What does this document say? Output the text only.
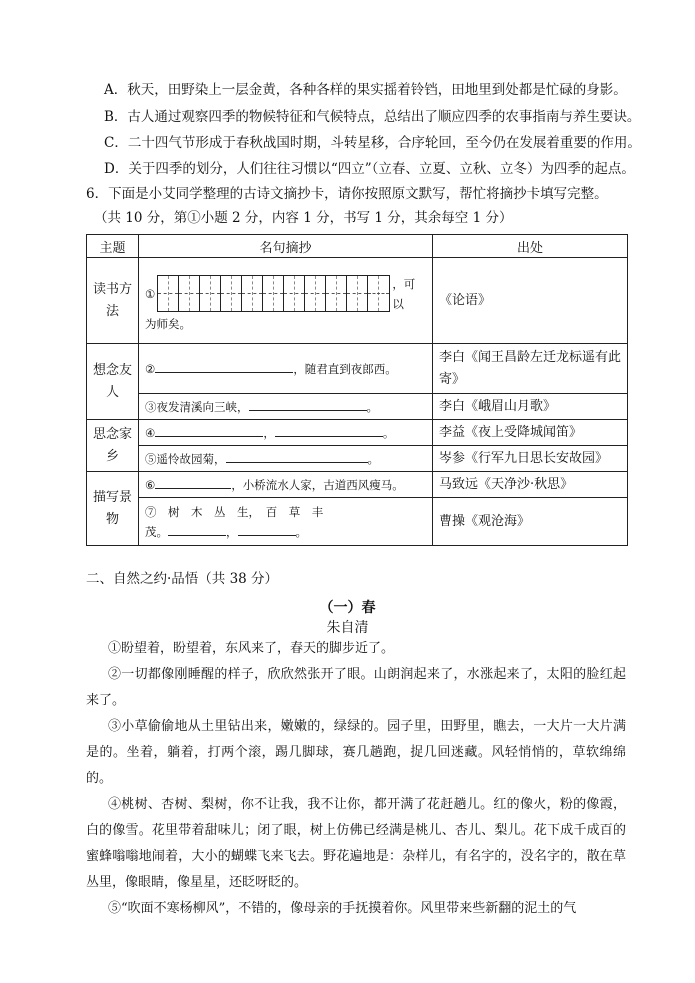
A．秋天，田野染上一层金黄，各种各样的果实摇着铃铛，田地里到处都是忙碌的身影。
B．古人通过观察四季的物候特征和气候特点，总结出了顺应四季的农事指南与养生要诀。
C．二十四气节形成于春秋战国时期，斗转星移，合序轮回，至今仍在发展着重要的作用。
D．关于四季的划分，人们往往习惯以“四立”（立春、立夏、立秋、立冬）为四季的起点。
6．下面是小艾同学整理的古诗文摘抄卡，请你按照原文默写，帮忙将摘抄卡填写完整。
（共 10 分，第①小题 2 分，内容 1 分，书写 1 分，其余每空 1 分）
主题	名句摘抄	出处
读书方法	①
，可以
为师矣。	《论语》
想念友人	② ，随君直到夜郎西。	李白《闻王昌龄左迁龙标遥有此寄》
	③夜发清溪向三峡， 。	李白《峨眉山月歌》
思念家乡	④ ， 。	李益《夜上受降城闻笛》
	⑤遥怜故园菊， 。	岑参《行军九日思长安故园》
描写景物	⑥ ，小桥流水人家，古道西风瘦马。	马致远《天净沙·秋思》

	⑦　树　木　丛　生，　百　草　丰
茂。 ， 。	曹操《观沧海》
二、自然之约·品悟（共 38 分）
（一）春
朱自清
①盼望着，盼望着，东风来了，春天的脚步近了。
②一切都像刚睡醒的样子，欣欣然张开了眼。山朗润起来了，水涨起来了，太阳的脸红起来了。
③小草偷偷地从土里钻出来，嫩嫩的，绿绿的。园子里，田野里，瞧去，一大片一大片满是的。坐着，躺着，打两个滚，踢几脚球，赛几趟跑，捉几回迷藏。风轻悄悄的，草软绵绵的。
④桃树、杏树、梨树，你不让我，我不让你，都开满了花赶趟儿。红的像火，粉的像霞，白的像雪。花里带着甜味儿；闭了眼，树上仿佛已经满是桃儿、杏儿、梨儿。花下成千成百的蜜蜂嗡嗡地闹着，大小的蝴蝶飞来飞去。野花遍地是：杂样儿，有名字的，没名字的，散在草丛里，像眼睛，像星星，还眨呀眨的。
⑤“吹面不寒杨柳风”，不错的，像母亲的手抚摸着你。风里带来些新翻的泥土的气
